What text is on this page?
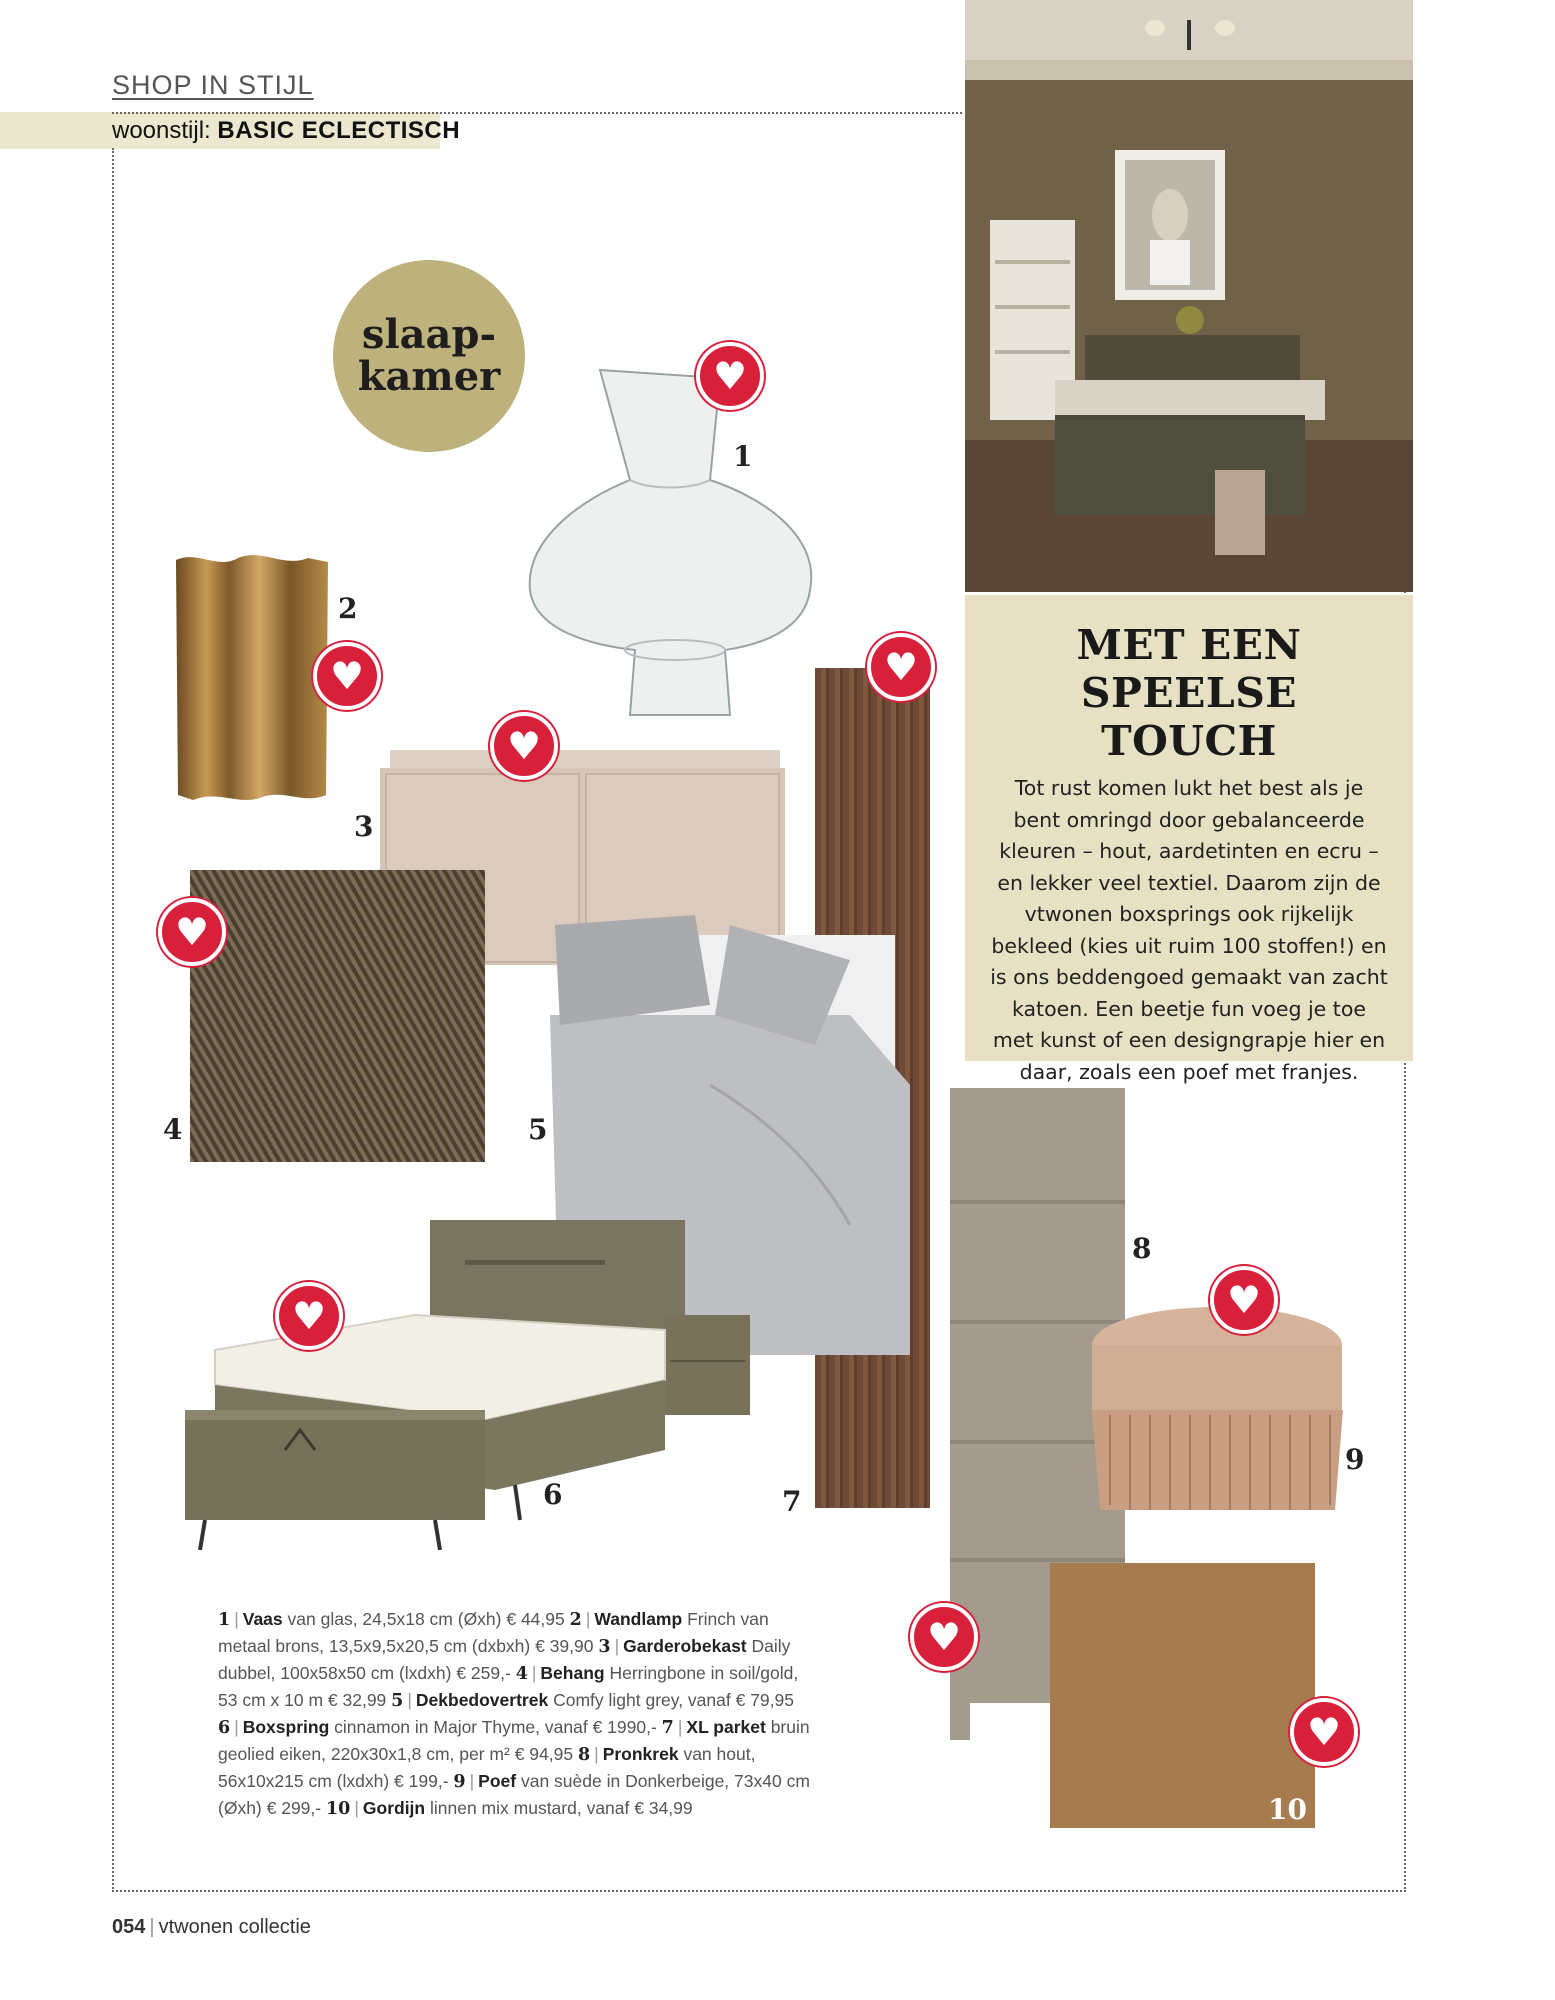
SHOP IN STIJL
woonstijl: BASIC ECLECTISCH
MET EEN
SPEELSE TOUCH
Tot rust komen lukt het best als je bent omringd door gebalanceerde kleuren – hout, aardetinten en ecru – en lekker veel textiel. Daarom zijn de vtwonen boxsprings ook rijkelijk bekleed (kies uit ruim 100 stoffen!) en is ons beddengoed gemaakt van zacht katoen. Een beetje fun voeg je toe met kunst of een designgrapje hier en daar, zoals een poef met franjes.
slaap-
kamer
1
2
3
4	5
6	7
8
9
10
♥
♥
♥
♥
♥
♥
♥
♥
♥
1 | Vaas van glas, 24,5x18 cm (Øxh) € 44,95 2 | Wandlamp Frinch van metaal brons, 13,5x9,5x20,5 cm (dxbxh) € 39,90 3 | Garderobekast Daily dubbel, 100x58x50 cm (lxdxh) € 259,- 4 | Behang Herringbone in soil/gold, 53 cm x 10 m € 32,99 5 | Dekbedovertrek Comfy light grey, vanaf € 79,95 6 | Boxspring cinnamon in Major Thyme, vanaf € 1990,- 7 | XL parket bruin geolied eiken, 220x30x1,8 cm, per m² € 94,95 8 | Pronkrek van hout, 56x10x215 cm (lxdxh) € 199,- 9 | Poef van suède in Donkerbeige, 73x40 cm (Øxh) € 299,- 10 | Gordijn linnen mix mustard, vanaf € 34,99
054 | vtwonen collectie
